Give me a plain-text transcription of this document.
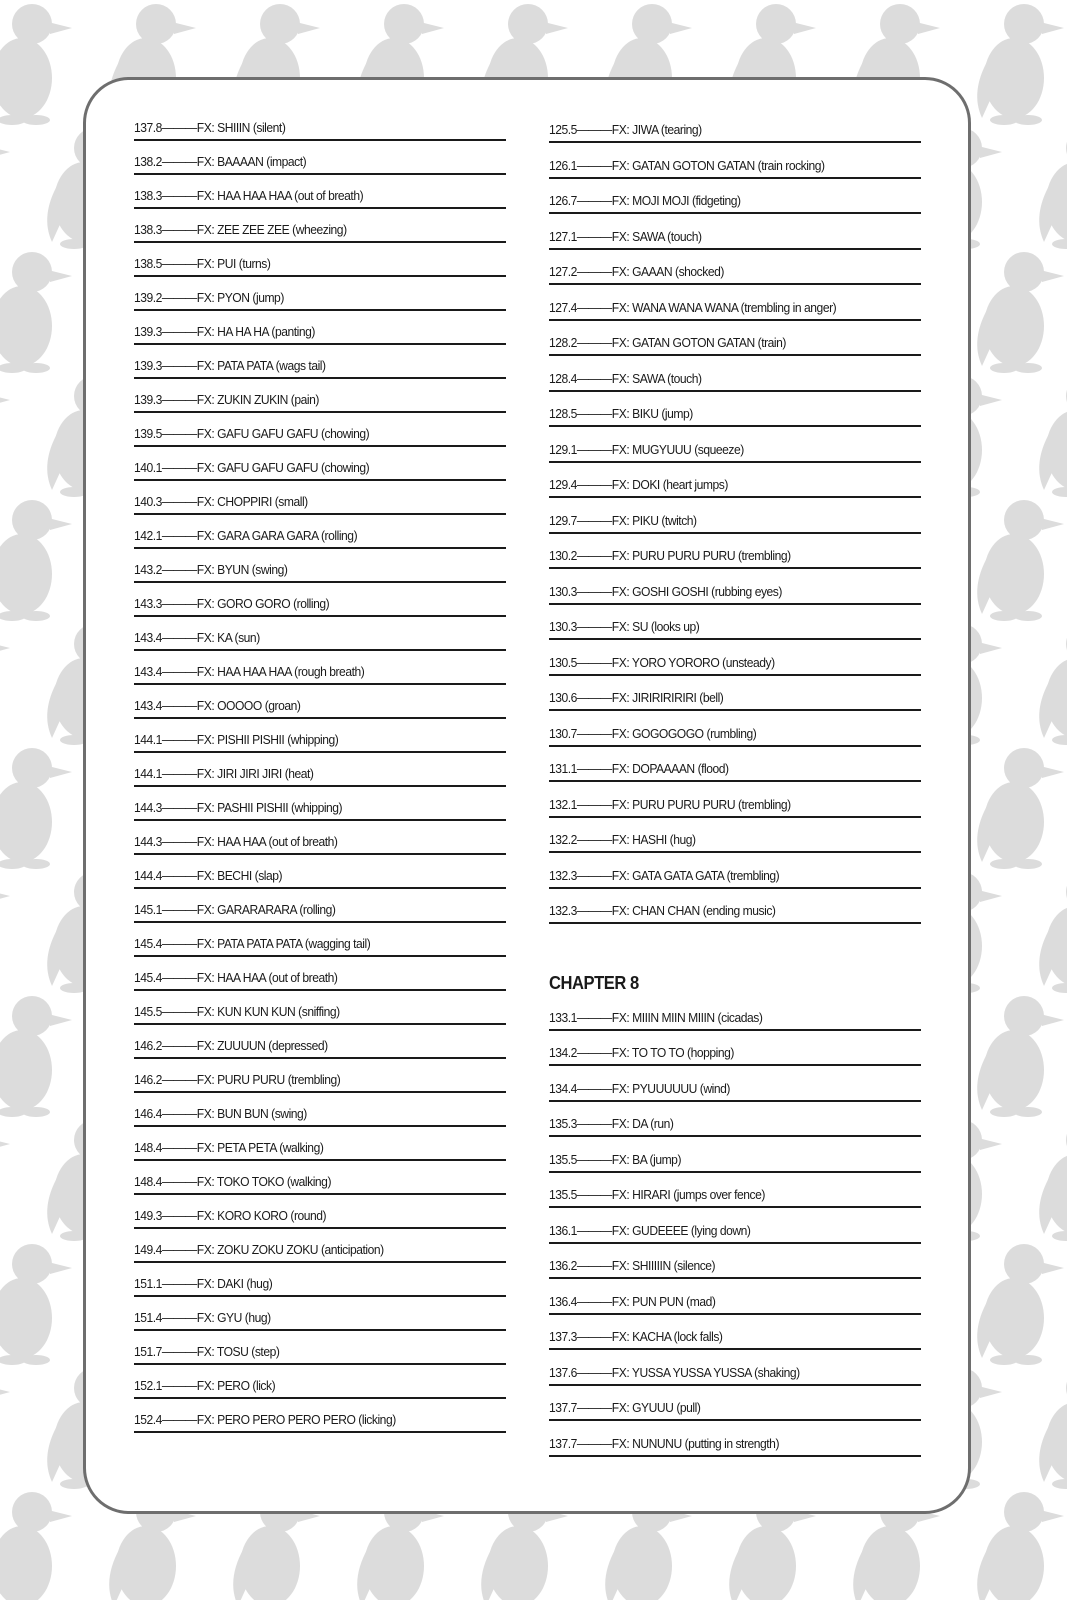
137.8———FX: SHIIIN (silent)
138.2———FX: BAAAAN (impact)
138.3———FX: HAA HAA HAA (out of breath)
138.3———FX: ZEE ZEE ZEE (wheezing)
138.5———FX: PUI (turns)
139.2———FX: PYON (jump)
139.3———FX: HA HA HA (panting)
139.3———FX: PATA PATA (wags tail)
139.3———FX: ZUKIN ZUKIN (pain)
139.5———FX: GAFU GAFU GAFU (chowing)
140.1———FX: GAFU GAFU GAFU (chowing)
140.3———FX: CHOPPIRI (small)
142.1———FX: GARA GARA GARA (rolling)
143.2———FX: BYUN (swing)
143.3———FX: GORO GORO (rolling)
143.4———FX: KA (sun)
143.4———FX: HAA HAA HAA (rough breath)
143.4———FX: OOOOO (groan)
144.1———FX: PISHII PISHII (whipping)
144.1———FX: JIRI JIRI JIRI (heat)
144.3———FX: PASHII PISHII (whipping)
144.3———FX: HAA HAA (out of breath)
144.4———FX: BECHI (slap)
145.1———FX: GARARARARA (rolling)
145.4———FX: PATA PATA PATA (wagging tail)
145.4———FX: HAA HAA (out of breath)
145.5———FX: KUN KUN KUN (sniffing)
146.2———FX: ZUUUUN (depressed)
146.2———FX: PURU PURU (trembling)
146.4———FX: BUN BUN (swing)
148.4———FX: PETA PETA (walking)
148.4———FX: TOKO TOKO (walking)
149.3———FX: KORO KORO (round)
149.4———FX: ZOKU ZOKU ZOKU (anticipation)
151.1———FX: DAKI (hug)
151.4———FX: GYU (hug)
151.7———FX: TOSU (step)
152.1———FX: PERO (lick)
152.4———FX: PERO PERO PERO PERO (licking)
125.5———FX: JIWA (tearing)
126.1———FX: GATAN GOTON GATAN (train rocking)
126.7———FX: MOJI MOJI (fidgeting)
127.1———FX: SAWA (touch)
127.2———FX: GAAAN (shocked)
127.4———FX: WANA WANA WANA (trembling in anger)
128.2———FX: GATAN GOTON GATAN (train)
128.4———FX: SAWA (touch)
128.5———FX: BIKU (jump)
129.1———FX: MUGYUUU (squeeze)
129.4———FX: DOKI (heart jumps)
129.7———FX: PIKU (twitch)
130.2———FX: PURU PURU PURU (trembling)
130.3———FX: GOSHI GOSHI (rubbing eyes)
130.3———FX: SU (looks up)
130.5———FX: YORO YORORO (unsteady)
130.6———FX: JIRIRIRIRIRI (bell)
130.7———FX: GOGOGOGO (rumbling)
131.1———FX: DOPAAAAN (flood)
132.1———FX: PURU PURU PURU (trembling)
132.2———FX: HASHI (hug)
132.3———FX: GATA GATA GATA (trembling)
132.3———FX: CHAN CHAN (ending music)
CHAPTER 8
133.1———FX: MIIIN MIIN MIIIN (cicadas)
134.2———FX: TO TO TO (hopping)
134.4———FX: PYUUUUUU (wind)
135.3———FX: DA (run)
135.5———FX: BA (jump)
135.5———FX: HIRARI (jumps over fence)
136.1———FX: GUDEEEE (lying down)
136.2———FX: SHIIIIIN (silence)
136.4———FX: PUN PUN (mad)
137.3———FX: KACHA (lock falls)
137.6———FX: YUSSA YUSSA YUSSA (shaking)
137.7———FX: GYUUU (pull)
137.7———FX: NUNUNU (putting in strength)
